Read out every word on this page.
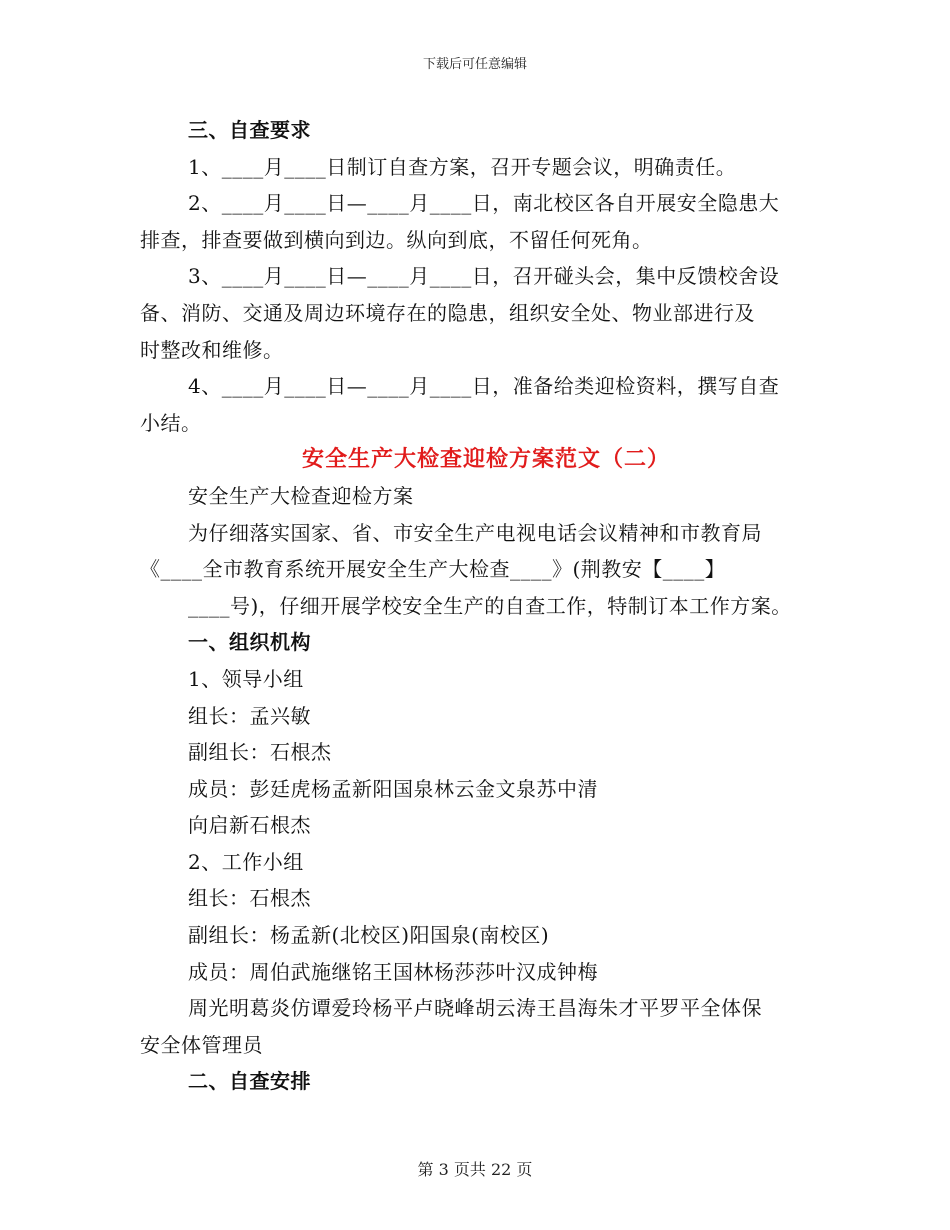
下载后可任意编辑
三、自查要求
1、____月____日制订自查方案，召开专题会议，明确责任。
2、____月____日—____月____日，南北校区各自开展安全隐患大
排查，排查要做到横向到边。纵向到底，不留任何死角。
3、____月____日—____月____日，召开碰头会，集中反馈校舍设
备、消防、交通及周边环境存在的隐患，组织安全处、物业部进行及
时整改和维修。
4、____月____日—____月____日，准备给类迎检资料，撰写自查
小结。
安全生产大检查迎检方案范文（二）
安全生产大检查迎检方案
为仔细落实国家、省、市安全生产电视电话会议精神和市教育局
《____全市教育系统开展安全生产大检查____》(荆教安【____】
____号)，仔细开展学校安全生产的自查工作，特制订本工作方案。
一、组织机构
1、领导小组
组长：孟兴敏
副组长：石根杰
成员：彭廷虎杨孟新阳国泉林云金文泉苏中清
向启新石根杰
2、工作小组
组长：石根杰
副组长：杨孟新(北校区)阳国泉(南校区)
成员：周伯武施继铭王国林杨莎莎叶汉成钟梅
周光明葛炎仿谭爱玲杨平卢晓峰胡云涛王昌海朱才平罗平全体保
安全体管理员
二、自查安排
第 3 页共 22 页
